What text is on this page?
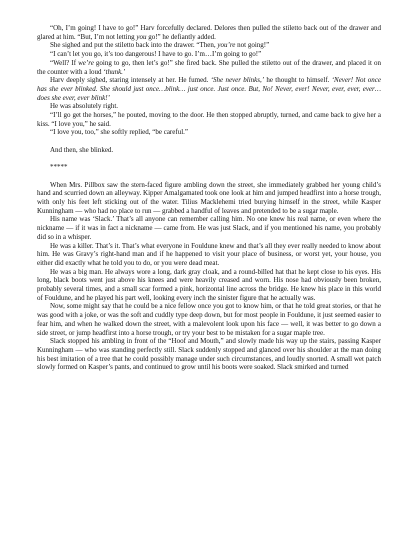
“Oh, I’m going! I have to go!” Harv forcefully declared. Delores then pulled the stiletto back out of the drawer and glared at him. “But, I’m not letting you go!” he defiantly added.

She sighed and put the stiletto back into the drawer. “Then, you’re not going!”

“I can’t let you go, it’s too dangerous! I have to go. I’m…I’m going to go!”

“Well? If we’re going to go, then let’s go!” she fired back. She pulled the stiletto out of the drawer, and placed it on the counter with a loud ‘thunk.’

Harv deeply sighed, staring intensely at her. He fumed. ‘She never blinks,’ he thought to himself. ‘Never! Not once has she ever blinked. She should just once…blink… just once. Just once. But, No! Never, ever! Never, ever, ever, ever…does she ever, ever blink!’

He was absolutely right.

“I’ll go get the horses,” he pouted, moving to the door. He then stopped abruptly, turned, and came back to give her a kiss. “I love you,” he said.

“I love you, too,” she softly replied, “be careful.”

And then, she blinked.

*****

When Mrs. Pillbox saw the stern-faced figure ambling down the street, she immediately grabbed her young child’s hand and scurried down an alleyway. Kipper Amalgamated took one look at him and jumped headfirst into a horse trough, with only his feet left sticking out of the water. Tilius Macklehemi tried burying himself in the street, while Kasper Kunningham — who had no place to run — grabbed a handful of leaves and pretended to be a sugar maple.

His name was ‘Slack.’ That’s all anyone can remember calling him. No one knew his real name, or even where the nickname — if it was in fact a nickname — came from. He was just Slack, and if you mentioned his name, you probably did so in a whisper.

He was a killer. That’s it. That’s what everyone in Fouldune knew and that’s all they ever really needed to know about him. He was Gravy’s right-hand man and if he happened to visit your place of business, or worst yet, your house, you either did exactly what he told you to do, or you were dead meat.

He was a big man. He always wore a long, dark gray cloak, and a round-billed hat that he kept close to his eyes. His long, black boots went just above his knees and were heavily creased and worn. His nose had obviously been broken, probably several times, and a small scar formed a pink, horizontal line across the bridge. He knew his place in this world of Fouldune, and he played his part well, looking every inch the sinister figure that he actually was.

Now, some might say that he could be a nice fellow once you got to know him, or that he told great stories, or that he was good with a joke, or was the soft and cuddly type deep down, but for most people in Fouldune, it just seemed easier to fear him, and when he walked down the street, with a malevolent look upon his face — well, it was better to go down a side street, or jump headfirst into a horse trough, or try your best to be mistaken for a sugar maple tree.

Slack stopped his ambling in front of the “Hoof and Mouth,” and slowly made his way up the stairs, passing Kasper Kunningham — who was standing perfectly still. Slack suddenly stopped and glanced over his shoulder at the man doing his best imitation of a tree that he could possibly manage under such circumstances, and loudly snorted. A small wet patch slowly formed on Kasper’s pants, and continued to grow until his boots were soaked. Slack smirked and turned
